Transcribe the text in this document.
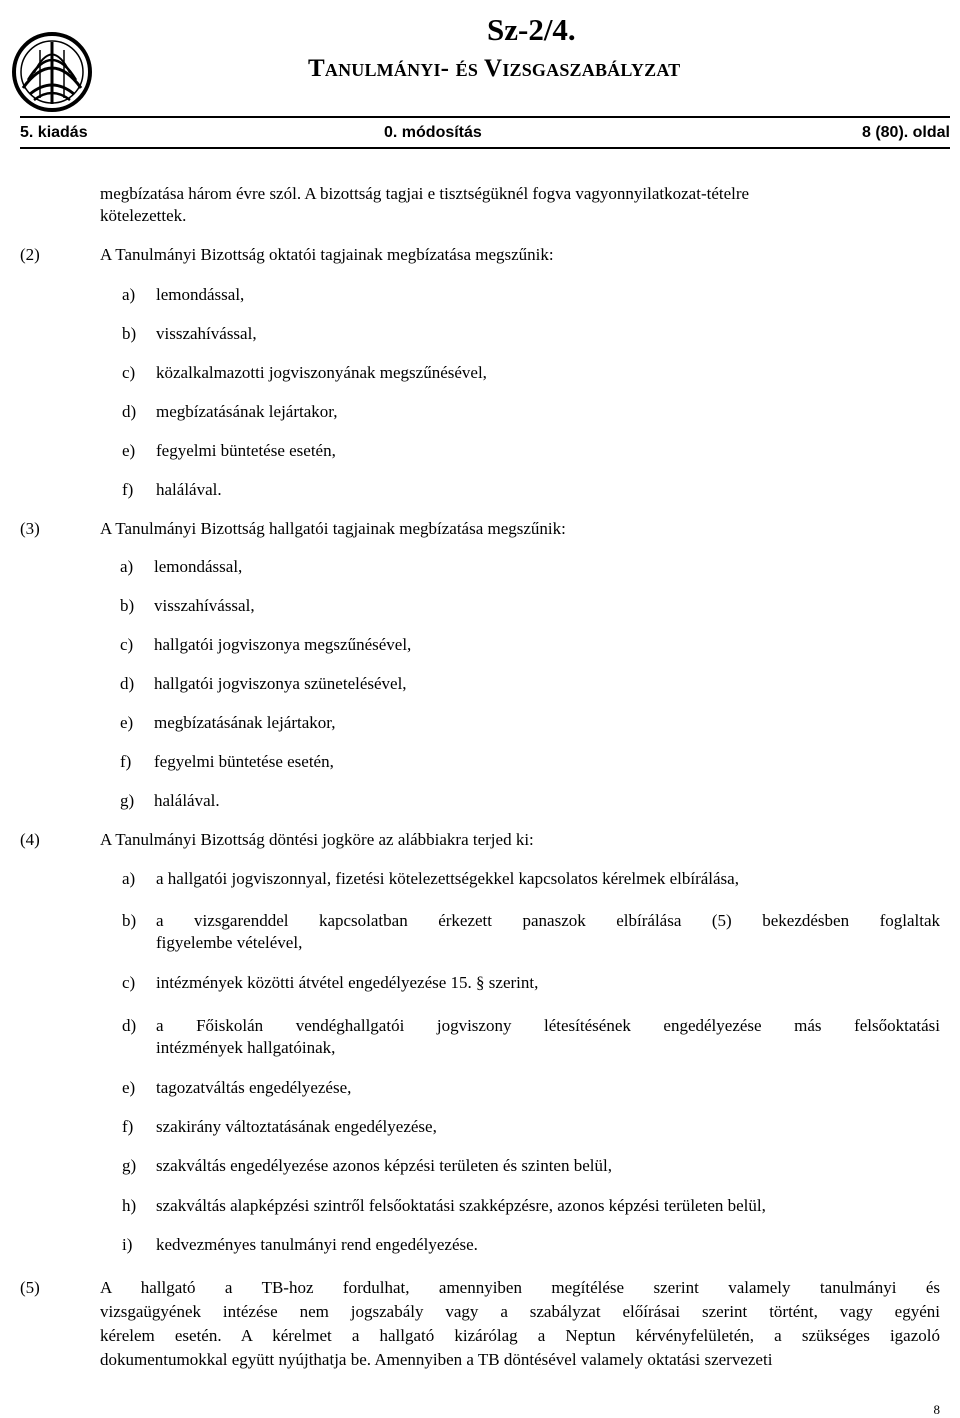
Sz-2/4.
Tanulmányi- és Vizsgaszabályzat
5. kiadás	0. módosítás	8 (80). oldal
megbízatása három évre szól. A bizottság tagjai e tisztségüknél fogva vagyonnyilatkozat-tételre
kötelezettek.
(2)	A Tanulmányi Bizottság oktatói tagjainak megbízatása megszűnik:
a) lemondással,
b) visszahívással,
c) közalkalmazotti jogviszonyának megszűnésével,
d) megbízatásának lejártakor,
e) fegyelmi büntetése esetén,
f) halálával.
(3)	A Tanulmányi Bizottság hallgatói tagjainak megbízatása megszűnik:
a) lemondással,
b) visszahívással,
c) hallgatói jogviszonya megszűnésével,
d) hallgatói jogviszonya szünetelésével,
e) megbízatásának lejártakor,
f) fegyelmi büntetése esetén,
g) halálával.
(4)	A Tanulmányi Bizottság döntési jogköre az alábbiakra terjed ki:
a) a hallgatói jogviszonnyal, fizetési kötelezettségekkel kapcsolatos kérelmek elbírálása,
b) a vizsgarenddel kapcsolatban érkezett panaszok elbírálása (5) bekezdésben foglaltak
figyelembe vételével,
c) intézmények közötti átvétel engedélyezése 15. § szerint,
d) a Főiskolán vendéghallgatói jogviszony létesítésének engedélyezése más felsőoktatási
intézmények hallgatóinak,
e) tagozatváltás engedélyezése,
f) szakirány változtatásának engedélyezése,
g) szakváltás engedélyezése azonos képzési területen és szinten belül,
h) szakváltás alapképzési szintről felsőoktatási szakképzésre, azonos képzési területen belül,
i) kedvezményes tanulmányi rend engedélyezése.
(5)	A hallgató a TB-hoz fordulhat, amennyiben megítélése szerint valamely tanulmányi és
vizsgaügyének intézése nem jogszabály vagy a szabályzat előírásai szerint történt, vagy egyéni
kérelem esetén. A kérelmet a hallgató kizárólag a Neptun kérvényfelületén, a szükséges igazoló
dokumentumokkal együtt nyújthatja be. Amennyiben a TB döntésével valamely oktatási szervezeti
8
